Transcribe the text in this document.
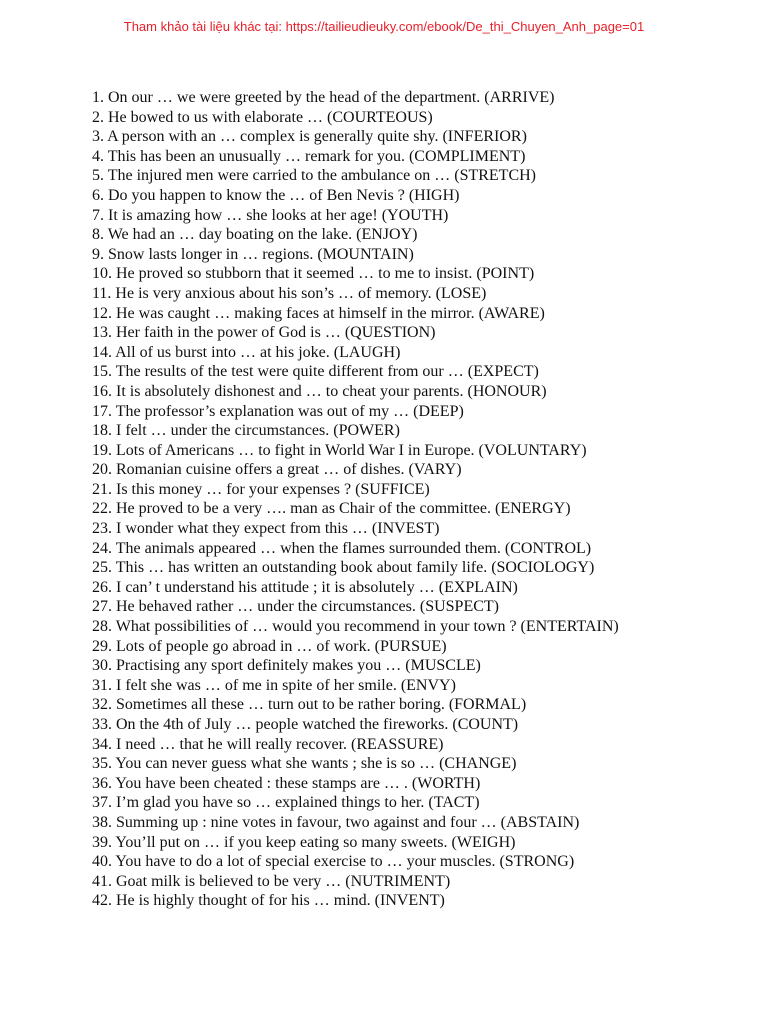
Tham khảo tài liệu khác tại: https://tailieudieuky.com/ebook/De_thi_Chuyen_Anh_page=01
1. On our … we were greeted by the head of the department. (ARRIVE)
2. He bowed to us with elaborate … (COURTEOUS)
3. A person with an … complex is generally quite shy. (INFERIOR)
4. This has been an unusually … remark for you. (COMPLIMENT)
5. The injured men were carried to the ambulance on … (STRETCH)
6. Do you happen to know the … of Ben Nevis ? (HIGH)
7. It is amazing how … she looks at her age! (YOUTH)
8. We had an … day boating on the lake. (ENJOY)
9. Snow lasts longer in … regions. (MOUNTAIN)
10. He proved so stubborn that it seemed … to me to insist. (POINT)
11. He is very anxious about his son’s … of memory. (LOSE)
12. He was caught … making faces at himself in the mirror. (AWARE)
13. Her faith in the power of God is … (QUESTION)
14. All of us burst into … at his joke. (LAUGH)
15. The results of the test were quite different from our … (EXPECT)
16. It is absolutely dishonest and … to cheat your parents. (HONOUR)
17. The professor’s explanation was out of my … (DEEP)
18. I felt … under the circumstances. (POWER)
19. Lots of Americans … to fight in World War I in Europe. (VOLUNTARY)
20. Romanian cuisine offers a great … of dishes. (VARY)
21. Is this money … for your expenses ? (SUFFICE)
22. He proved to be a very …. man as Chair of the committee. (ENERGY)
23. I wonder what they expect from this … (INVEST)
24. The animals appeared … when the flames surrounded them. (CONTROL)
25. This … has written an outstanding book about family life. (SOCIOLOGY)
26. I can’ t understand his attitude ; it is absolutely … (EXPLAIN)
27. He behaved rather … under the circumstances. (SUSPECT)
28. What possibilities of … would you recommend in your town ? (ENTERTAIN)
29. Lots of people go abroad in … of work. (PURSUE)
30. Practising any sport definitely makes you … (MUSCLE)
31. I felt she was … of me in spite of her smile. (ENVY)
32. Sometimes all these … turn out to be rather boring. (FORMAL)
33. On the 4th of July … people watched the fireworks. (COUNT)
34. I need … that he will really recover. (REASSURE)
35. You can never guess what she wants ; she is so … (CHANGE)
36. You have been cheated : these stamps are … . (WORTH)
37. I’m glad you have so … explained things to her. (TACT)
38. Summing up : nine votes in favour, two against and four … (ABSTAIN)
39. You’ll put on … if you keep eating so many sweets. (WEIGH)
40. You have to do a lot of special exercise to … your muscles. (STRONG)
41. Goat milk is believed to be very … (NUTRIMENT)
42. He is highly thought of for his … mind. (INVENT)
